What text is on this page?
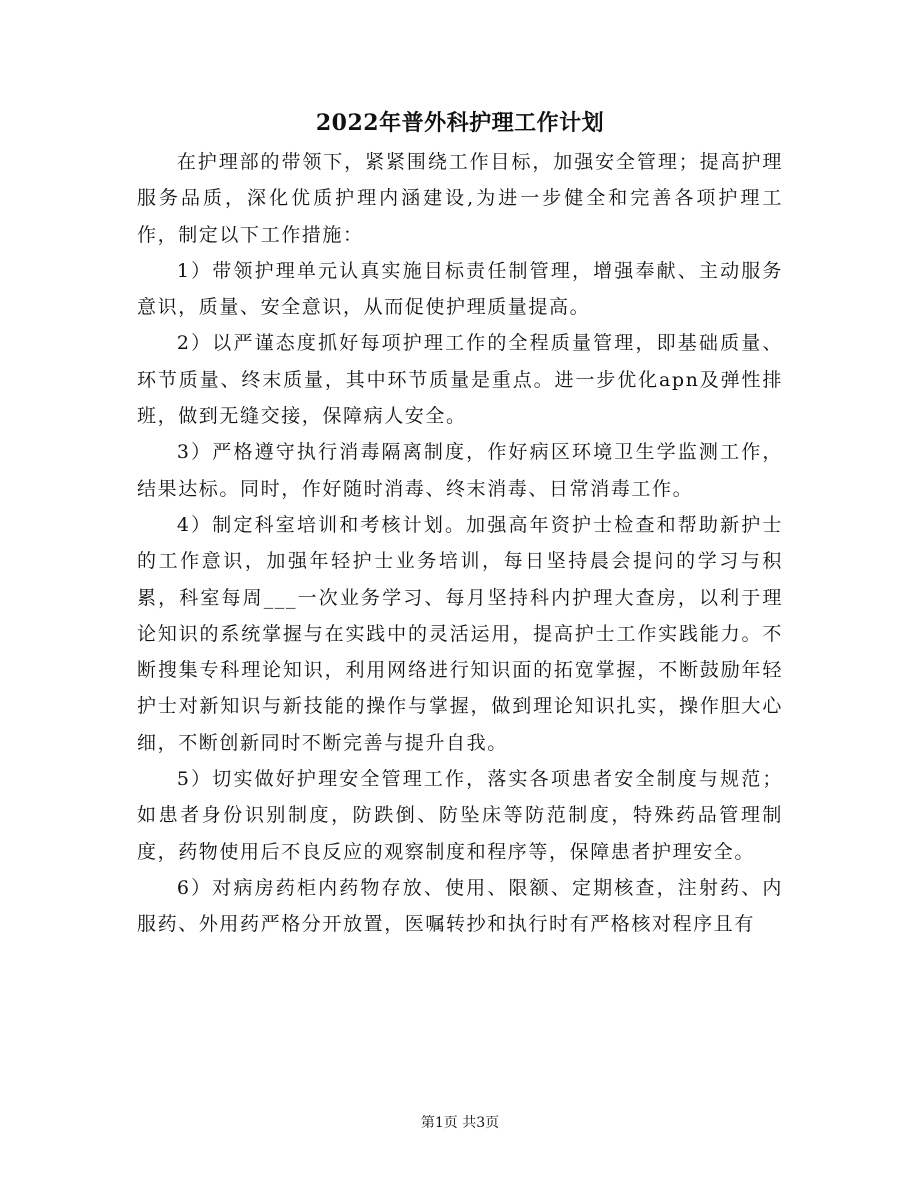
2022年普外科护理工作计划

在护理部的带领下，紧紧围绕工作目标，加强安全管理；提高护理服务品质，深化优质护理内涵建设,为进一步健全和完善各项护理工作，制定以下工作措施：

1）带领护理单元认真实施目标责任制管理，增强奉献、主动服务意识，质量、安全意识，从而促使护理质量提高。

2）以严谨态度抓好每项护理工作的全程质量管理，即基础质量、环节质量、终末质量，其中环节质量是重点。进一步优化apn及弹性排班，做到无缝交接，保障病人安全。

3）严格遵守执行消毒隔离制度，作好病区环境卫生学监测工作，结果达标。同时，作好随时消毒、终末消毒、日常消毒工作。

4）制定科室培训和考核计划。加强高年资护士检查和帮助新护士的工作意识，加强年轻护士业务培训，每日坚持晨会提问的学习与积累，科室每周___一次业务学习、每月坚持科内护理大查房，以利于理论知识的系统掌握与在实践中的灵活运用，提高护士工作实践能力。不断搜集专科理论知识，利用网络进行知识面的拓宽掌握，不断鼓励年轻护士对新知识与新技能的操作与掌握，做到理论知识扎实，操作胆大心细，不断创新同时不断完善与提升自我。

5）切实做好护理安全管理工作，落实各项患者安全制度与规范；如患者身份识别制度，防跌倒、防坠床等防范制度，特殊药品管理制度，药物使用后不良反应的观察制度和程序等，保障患者护理安全。

6）对病房药柜内药物存放、使用、限额、定期核查，注射药、内服药、外用药严格分开放置，医嘱转抄和执行时有严格核对程序且有

第1页 共3页
